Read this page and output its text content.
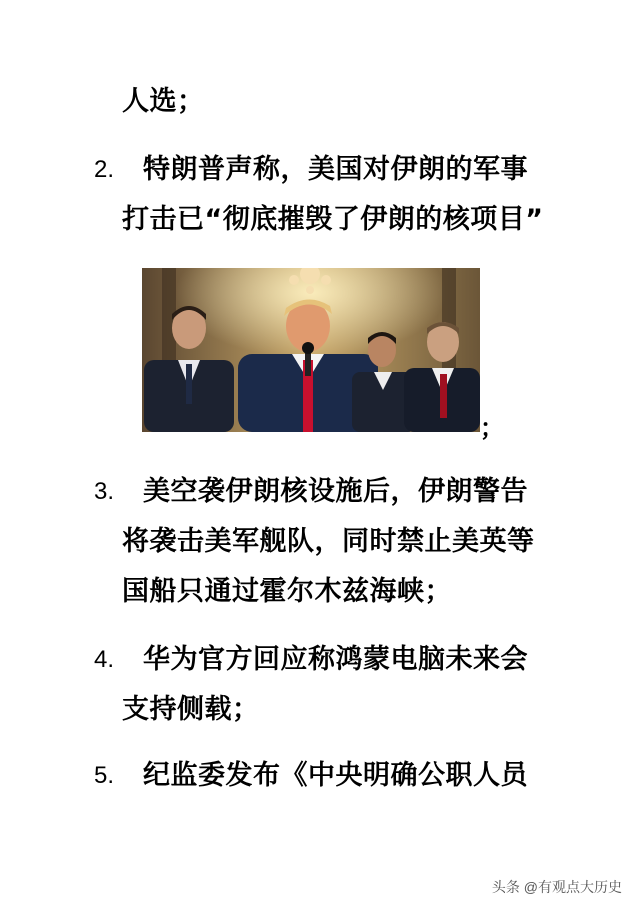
人选；
2. 特朗普声称，美国对伊朗的军事
打击已“彻底摧毁了伊朗的核项目”
；
3. 美空袭伊朗核设施后，伊朗警告
将袭击美军舰队，同时禁止美英等
国船只通过霍尔木兹海峡；
4. 华为官方回应称鸿蒙电脑未来会
支持侧载；
5. 纪监委发布《中央明确公职人员
头条 @有观点大历史
